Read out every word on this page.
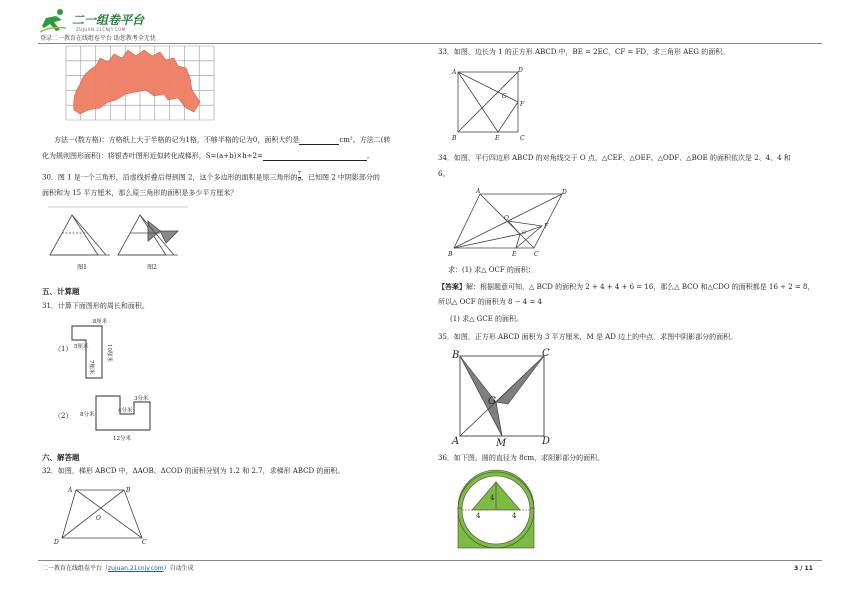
二一组卷平台
ZUJUAN.21CNJY.COM
登录二一教育在线组卷平台 助您教考全无忧
方法一(数方格)：方格纸上大于半格的记为1格，不够半格的记为0，面积大约是	cm²。方法二(转
化为规则图形面积)：将银杏叶图形近似转化成梯形，S=(a+b)×h÷2=	。
30．图 1 是一个三角形，沿虚线折叠后得到图 2，这个多边形的面积是原三角形的 $\frac{7}{9}$ ，已知图 2 中阴影部分的
面积和为 15 平方厘米，那么原三角形的面积是多少平方厘米？
图1	图2
五、计算题
31．计算下面图形的周长和面积。
（1）
8厘米
5厘米
7厘米
10厘米
（2） 8分米
4分米
3分米
12分米
六、解答题
32．如图，梯形 ABCD 中，ΔAOB、ΔCOD 的面积分别为 1.2 和 2.7，求梯形 ABCD 的面积。
A	B
C
D
O
33．如图，边长为 1 的正方形 ABCD 中，BE = 2EC，CF = FD，求三角形 AEG 的面积。
A	D
B	C
E
F
G
34．如图，平行四边形 ABCD 的对角线交于 O 点，△CEF、△OEF、△ODF、△BOE 的面积依次是 2、4、4 和
6。
A	D
B	C
E
F
O
G
求：(1) 求△ OCF 的面积；
【答案】解：根据题意可知，△ BCD 的面积为 2 + 4 + 4 + 6 = 16，那么△ BCO 和△CDO 的面积都是 16 ÷ 2 = 8，
所以△ OCF 的面积为 8 − 4 = 4
(1) 求△ GCE 的面积。
35．如图，正方形 ABCD 面积为 3 平方厘米，M 是 AD 边上的中点．求图中阴影部分的面积。
B	C
A	D
G
M
36．如下图，圆的直径为 8cm，求阴影部分的面积。
4
4	4
二一教育在线组卷平台（zujuan.21cnjy.com）自动生成	3 / 11
